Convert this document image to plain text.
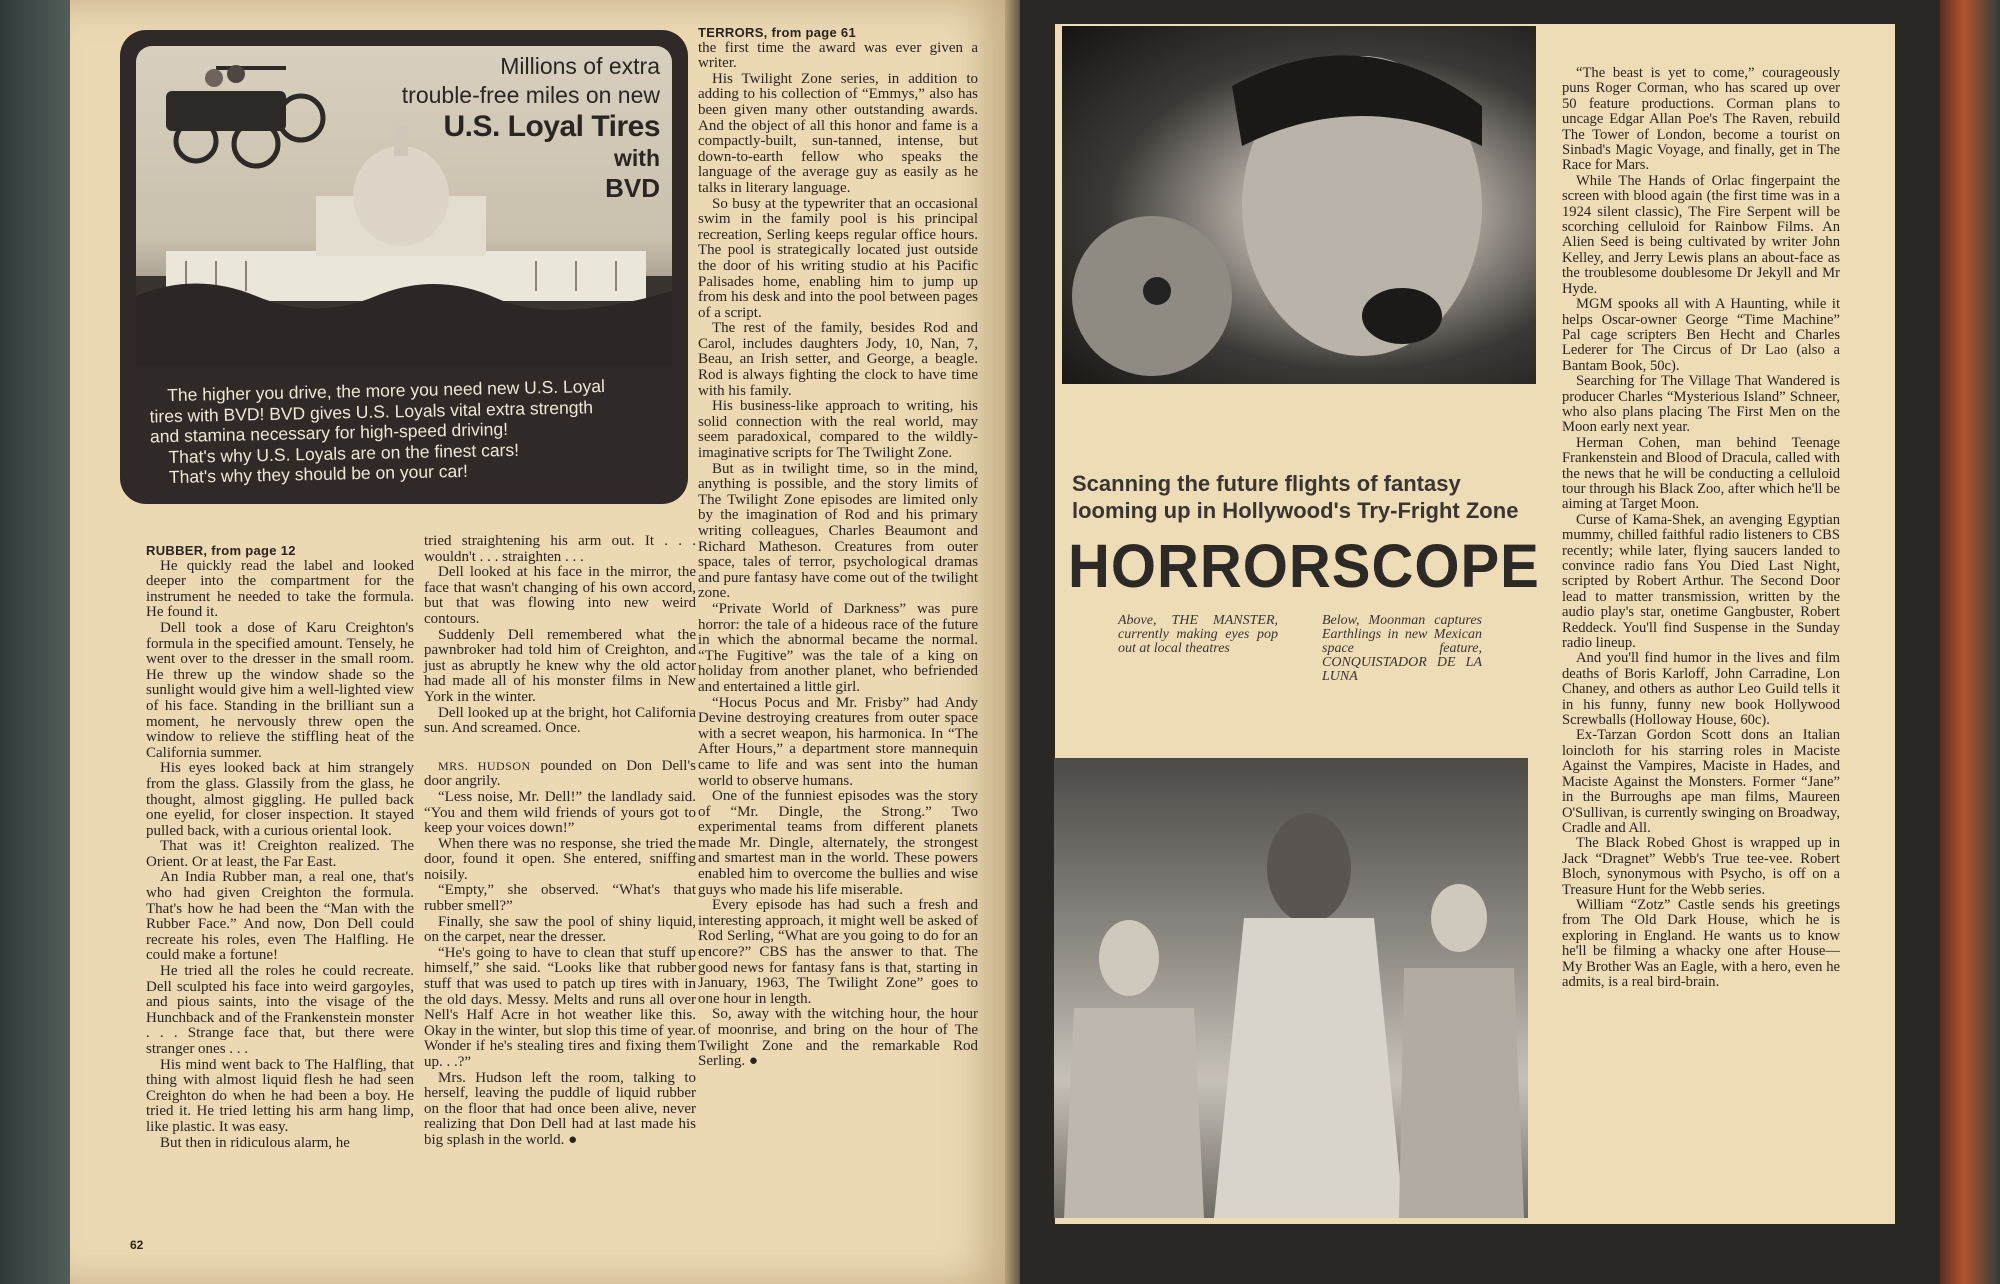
Millions of extra
trouble-free miles on new
U.S. Loyal Tires
with
BVD
The higher you drive, the more you need new U.S. Loyal
tires with BVD! BVD gives U.S. Loyals vital extra strength
and stamina necessary for high-speed driving!
That's why U.S. Loyals are on the finest cars!
That's why they should be on your car!
RUBBER, from page 12

He quickly read the label and looked deeper into the compartment for the instrument he needed to take the formula. He found it.

Dell took a dose of Karu Creighton's formula in the specified amount. Tensely, he went over to the dresser in the small room. He threw up the window shade so the sunlight would give him a well-lighted view of his face. Standing in the brilliant sun a moment, he nervously threw open the window to relieve the stiffling heat of the California summer.

His eyes looked back at him strangely from the glass. Glassily from the glass, he thought, almost giggling. He pulled back one eyelid, for closer inspection. It stayed pulled back, with a curious oriental look.

That was it! Creighton realized. The Orient. Or at least, the Far East.

An India Rubber man, a real one, that's who had given Creighton the formula. That's how he had been the “Man with the Rubber Face.” And now, Don Dell could recreate his roles, even The Halfling. He could make a fortune!

He tried all the roles he could recreate. Dell sculpted his face into weird gargoyles, and pious saints, into the visage of the Hunchback and of the Frankenstein monster . . . Strange face that, but there were stranger ones . . .

His mind went back to The Halfling, that thing with almost liquid flesh he had seen Creighton do when he had been a boy. He tried it. He tried letting his arm hang limp, like plastic. It was easy.

But then in ridiculous alarm, he

tried straightening his arm out. It . . . wouldn't . . . straighten . . .

Dell looked at his face in the mirror, the face that wasn't changing of his own accord, but that was flowing into new weird contours.

Suddenly Dell remembered what the pawnbroker had told him of Creighton, and just as abruptly he knew why the old actor had made all of his monster films in New York in the winter.

Dell looked up at the bright, hot California sun. And screamed. Once.

MRS. HUDSON pounded on Don Dell's door angrily.

“Less noise, Mr. Dell!” the landlady said. “You and them wild friends of yours got to keep your voices down!”

When there was no response, she tried the door, found it open. She entered, sniffing noisily.

“Empty,” she observed. “What's that rubber smell?”

Finally, she saw the pool of shiny liquid, on the carpet, near the dresser.

“He's going to have to clean that stuff up himself,” she said. “Looks like that rubber stuff that was used to patch up tires with in the old days. Messy. Melts and runs all over Nell's Half Acre in hot weather like this. Okay in the winter, but slop this time of year. Wonder if he's stealing tires and fixing them up. . .?”

Mrs. Hudson left the room, talking to herself, leaving the puddle of liquid rubber on the floor that had once been alive, never realizing that Don Dell had at last made his big splash in the world. ●

TERRORS, from page 61

the first time the award was ever given a writer.

His Twilight Zone series, in addition to adding to his collection of “Emmys,” also has been given many other outstanding awards. And the object of all this honor and fame is a compactly-built, sun-tanned, intense, but down-to-earth fellow who speaks the language of the average guy as easily as he talks in literary language.

So busy at the typewriter that an occasional swim in the family pool is his principal recreation, Serling keeps regular office hours. The pool is strategically located just outside the door of his writing studio at his Pacific Palisades home, enabling him to jump up from his desk and into the pool between pages of a script.

The rest of the family, besides Rod and Carol, includes daughters Jody, 10, Nan, 7, Beau, an Irish setter, and George, a beagle. Rod is always fighting the clock to have time with his family.

His business-like approach to writing, his solid connection with the real world, may seem paradoxical, compared to the wildly-imaginative scripts for The Twilight Zone.

But as in twilight time, so in the mind, anything is possible, and the story limits of The Twilight Zone episodes are limited only by the imagination of Rod and his primary writing colleagues, Charles Beaumont and Richard Matheson. Creatures from outer space, tales of terror, psychological dramas and pure fantasy have come out of the twilight zone.

“Private World of Darkness” was pure horror: the tale of a hideous race of the future in which the abnormal became the normal. “The Fugitive” was the tale of a king on holiday from another planet, who befriended and entertained a little girl.

“Hocus Pocus and Mr. Frisby” had Andy Devine destroying creatures from outer space with a secret weapon, his harmonica. In “The After Hours,” a department store mannequin came to life and was sent into the human world to observe humans.

One of the funniest episodes was the story of “Mr. Dingle, the Strong.” Two experimental teams from different planets made Mr. Dingle, alternately, the strongest and smartest man in the world. These powers enabled him to overcome the bullies and wise guys who made his life miserable.

Every episode has had such a fresh and interesting approach, it might well be asked of Rod Serling, “What are you going to do for an encore?” CBS has the answer to that. The good news for fantasy fans is that, starting in January, 1963, The Twilight Zone” goes to one hour in length.

So, away with the witching hour, the hour of moonrise, and bring on the hour of The Twilight Zone and the remarkable Rod Serling. ●

62
Scanning the future flights of fantasy
looming up in Hollywood's Try-Fright Zone
HORRORSCOPE
Above, THE MANSTER, currently making eyes pop out at local theatres
Below, Moonman captures Earthlings in new Mexican space feature, CONQUISTADOR DE LA LUNA

“The beast is yet to come,” courageously puns Roger Corman, who has scared up over 50 feature productions. Corman plans to uncage Edgar Allan Poe's The Raven, rebuild The Tower of London, become a tourist on Sinbad's Magic Voyage, and finally, get in The Race for Mars.

While The Hands of Orlac fingerpaint the screen with blood again (the first time was in a 1924 silent classic), The Fire Serpent will be scorching celluloid for Rainbow Films. An Alien Seed is being cultivated by writer John Kelley, and Jerry Lewis plans an about-face as the troublesome doublesome Dr Jekyll and Mr Hyde.

MGM spooks all with A Haunting, while it helps Oscar-owner George “Time Machine” Pal cage scripters Ben Hecht and Charles Lederer for The Circus of Dr Lao (also a Bantam Book, 50c).

Searching for The Village That Wandered is producer Charles “Mysterious Island” Schneer, who also plans placing The First Men on the Moon early next year.

Herman Cohen, man behind Teenage Frankenstein and Blood of Dracula, called with the news that he will be conducting a celluloid tour through his Black Zoo, after which he'll be aiming at Target Moon.

Curse of Kama-Shek, an avenging Egyptian mummy, chilled faithful radio listeners to CBS recently; while later, flying saucers landed to convince radio fans You Died Last Night, scripted by Robert Arthur. The Second Door lead to matter transmission, written by the audio play's star, onetime Gangbuster, Robert Reddeck. You'll find Suspense in the Sunday radio lineup.

And you'll find humor in the lives and film deaths of Boris Karloff, John Carradine, Lon Chaney, and others as author Leo Guild tells it in his funny, funny new book Hollywood Screwballs (Holloway House, 60c).

Ex-Tarzan Gordon Scott dons an Italian loincloth for his starring roles in Maciste Against the Vampires, Maciste in Hades, and Maciste Against the Monsters. Former “Jane” in the Burroughs ape man films, Maureen O'Sullivan, is currently swinging on Broadway, Cradle and All.

The Black Robed Ghost is wrapped up in Jack “Dragnet” Webb's True tee-vee. Robert Bloch, synonymous with Psycho, is off on a Treasure Hunt for the Webb series.

William “Zotz” Castle sends his greetings from The Old Dark House, which he is exploring in England. He wants us to know he'll be filming a whacky one after House—My Brother Was an Eagle, with a hero, even he admits, is a real bird-brain.
